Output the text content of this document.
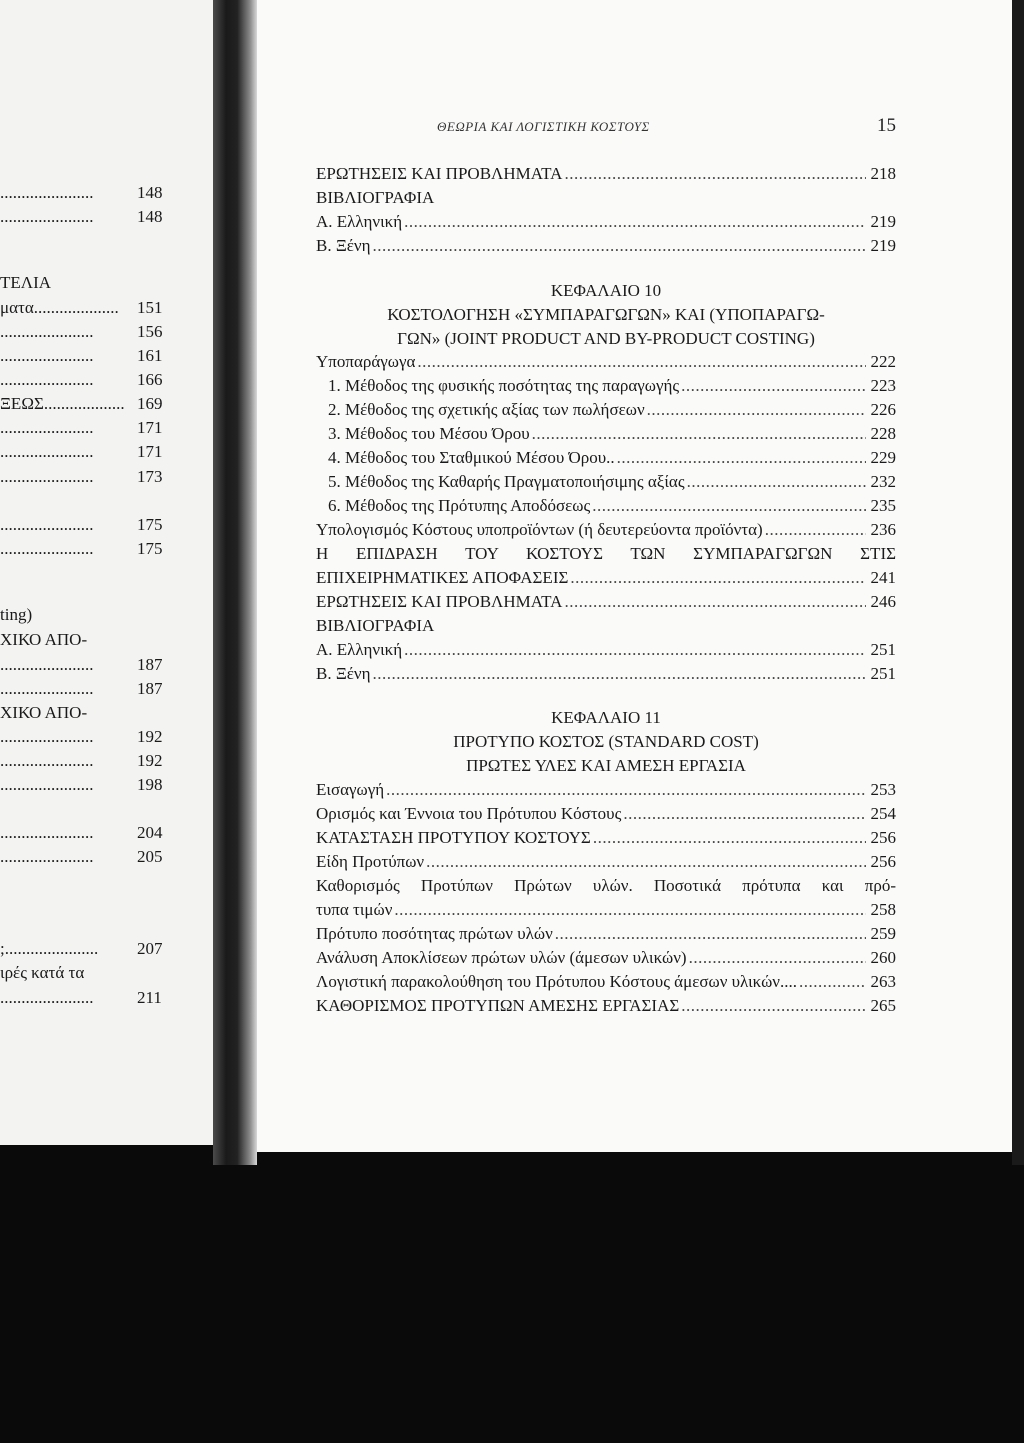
......................	148
......................	148
ΤΕΛΙΑ
ματα.................... 151
......................	156
......................	161
......................	166
ΞΕΩΣ................... 169
......................	171
......................	171
......................	173
......................	175
......................	175
ting)
ΧΙΚΟ ΑΠΟ-
......................	187
......................	187
ΧΙΚΟ ΑΠΟ-
......................	192
......................	192
......................	198
......................	204
......................	205
;...................... 207
ιρές κατά τα
......................	211
ΘΕΩΡΙΑ ΚΑΙ ΛΟΓΙΣΤΙΚΗ ΚΟΣΤΟΥΣ	15
ΕΡΩΤΗΣΕΙΣ ΚΑΙ ΠΡΟΒΛΗΜΑΤΑ .....	218
ΒΙΒΛΙΟΓΡΑΦΙΑ
Α. Ελληνική .....	219
Β. Ξένη .....	219
ΚΕΦΑΛΑΙΟ 10
ΚΟΣΤΟΛΟΓΗΣΗ «ΣΥΜΠΑΡΑΓΩΓΩΝ» ΚΑΙ (ΥΠΟΠΑΡΑΓΩ-
ΓΩΝ» (JOINT PRODUCT AND BY-PRODUCT COSTING)
Υποπαράγωγα .....	222
1. Μέθοδος της φυσικής ποσότητας της παραγωγής .....	223
2. Μέθοδος της σχετικής αξίας των πωλήσεων .....	226
3. Μέθοδος του Μέσου Όρου .....	228
4. Μέθοδος του Σταθμικού Μέσου Όρου.. .....	229
5. Μέθοδος της Καθαρής Πραγματοποιήσιμης αξίας .....	232
6. Μέθοδος της Πρότυπης Αποδόσεως .....	235
Υπολογισμός Κόστους υποπροϊόντων (ή δευτερεύοντα προϊόντα) .....	236
Η ΕΠΙΔΡΑΣΗ ΤΟΥ ΚΟΣΤΟΥΣ ΤΩΝ ΣΥΜΠΑΡΑΓΩΓΩΝ ΣΤΙΣ
ΕΠΙΧΕΙΡΗΜΑΤΙΚΕΣ ΑΠΟΦΑΣΕΙΣ .....	241
ΕΡΩΤΗΣΕΙΣ ΚΑΙ ΠΡΟΒΛΗΜΑΤΑ .....	246
ΒΙΒΛΙΟΓΡΑΦΙΑ
Α. Ελληνική .....	251
Β. Ξένη .....	251
ΚΕΦΑΛΑΙΟ 11
ΠΡΟΤΥΠΟ ΚΟΣΤΟΣ (STANDARD COST)
ΠΡΩΤΕΣ ΥΛΕΣ ΚΑΙ ΑΜΕΣΗ ΕΡΓΑΣΙΑ
Εισαγωγή .....	253
Ορισμός και Έννοια του Πρότυπου Κόστους .....	254
ΚΑΤΑΣΤΑΣΗ ΠΡΟΤΥΠΟΥ ΚΟΣΤΟΥΣ .....	256
Είδη Προτύπων .....	256
Καθορισμός Προτύπων Πρώτων υλών. Ποσοτικά πρότυπα και πρό-
τυπα τιμών .....	258
Πρότυπο ποσότητας πρώτων υλών .....	259
Ανάλυση Αποκλίσεων πρώτων υλών (άμεσων υλικών) .....	260
Λογιστική παρακολούθηση του Πρότυπου Κόστους άμεσων υλικών.... .....	263
ΚΑΘΟΡΙΣΜΟΣ ΠΡΟΤΥΠΩΝ ΑΜΕΣΗΣ ΕΡΓΑΣΙΑΣ .....	265
